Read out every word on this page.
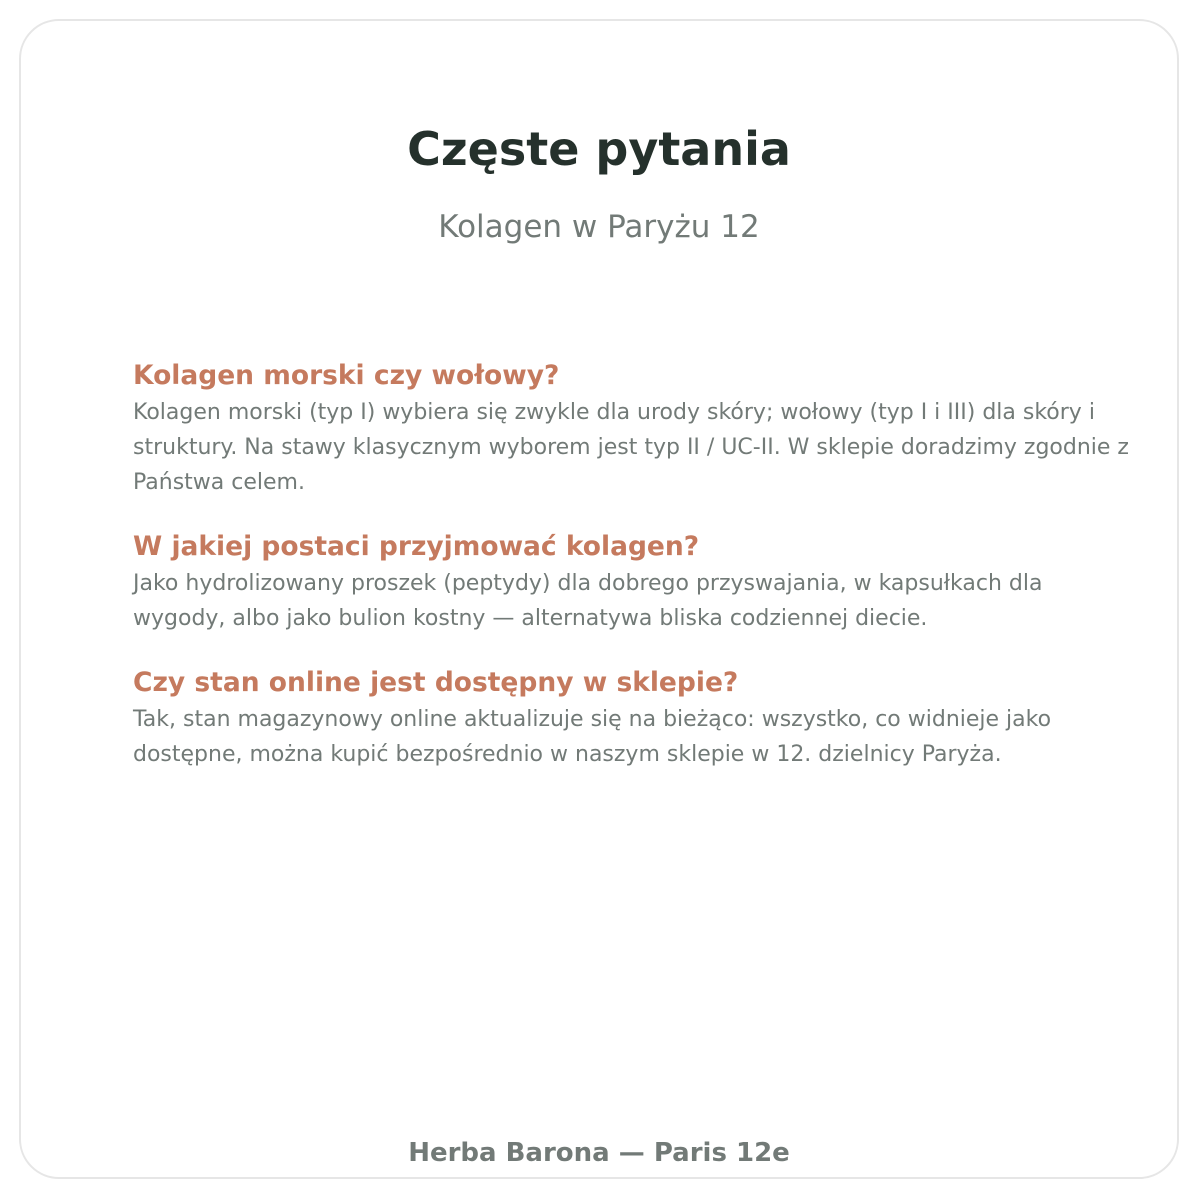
Częste pytania

Kolagen w Paryżu 12

Kolagen morski czy wołowy?

Kolagen morski (typ I) wybiera się zwykle dla urody skóry; wołowy (typ I i III) dla skóry i struktury. Na stawy klasycznym wyborem jest typ II / UC-II. W sklepie doradzimy zgodnie z Państwa celem.

W jakiej postaci przyjmować kolagen?

Jako hydrolizowany proszek (peptydy) dla dobrego przyswajania, w kapsułkach dla wygody, albo jako bulion kostny — alternatywa bliska codziennej diecie.

Czy stan online jest dostępny w sklepie?

Tak, stan magazynowy online aktualizuje się na bieżąco: wszystko, co widnieje jako dostępne, można kupić bezpośrednio w naszym sklepie w 12. dzielnicy Paryża.

Herba Barona — Paris 12e
